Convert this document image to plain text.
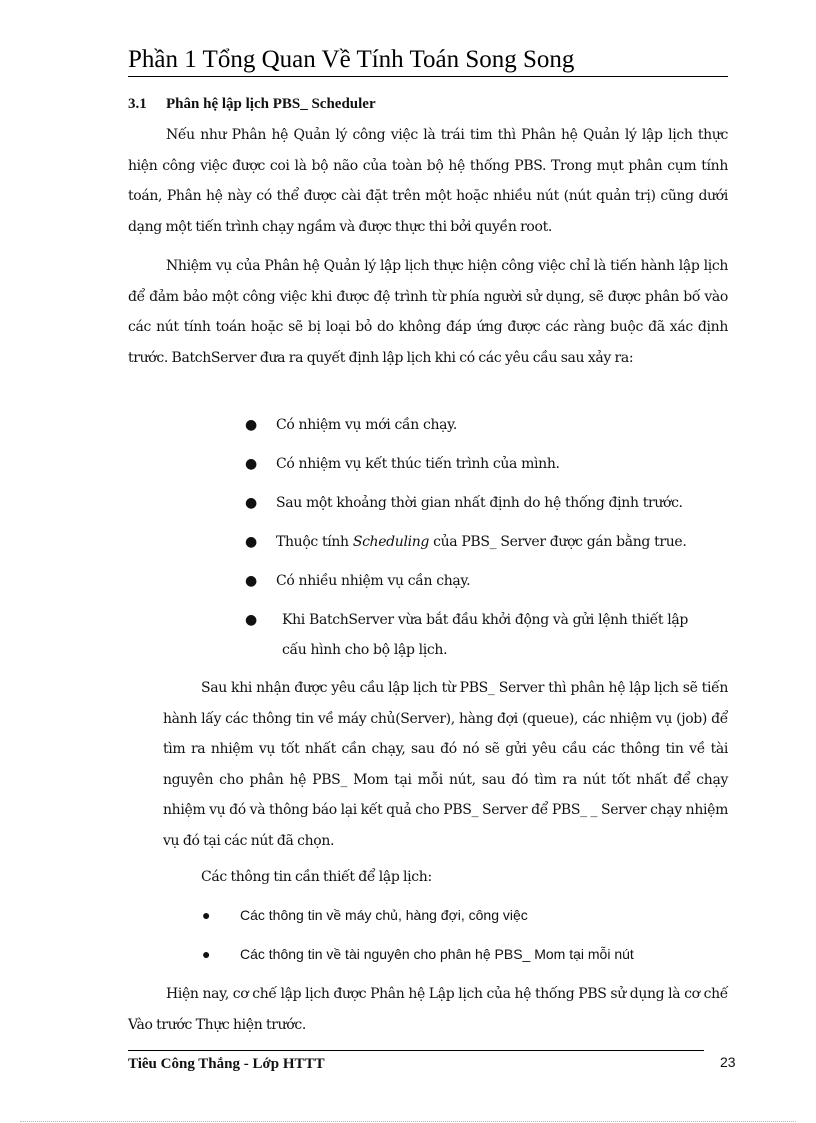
Phần 1 Tổng Quan Về Tính Toán Song Song
3.1 Phân hệ lập lịch PBS_ Scheduler
Nếu như Phân hệ Quản lý công việc là trái tim thì Phân hệ Quản lý lập lịch thực hiện công việc được coi là bộ não của toàn bộ hệ thống PBS. Trong mụt phân cụm tính toán, Phân hệ này có thể được cài đặt trên một hoặc nhiều nút (nút quản trị) cũng dưới dạng một tiến trình chạy ngầm và được thực thi bởi quyền root.
Nhiệm vụ của Phân hệ Quản lý lập lịch thực hiện công việc chỉ là tiến hành lập lịch để đảm bảo một công việc khi được đệ trình từ phía người sử dụng, sẽ được phân bố vào các nút tính toán hoặc sẽ bị loại bỏ do không đáp ứng được các ràng buộc đã xác định trước. BatchServer đưa ra quyết định lập lịch khi có các yêu cầu sau xảy ra:
● Có nhiệm vụ mới cần chạy.
● Có nhiệm vụ kết thúc tiến trình của mình.
● Sau một khoảng thời gian nhất định do hệ thống định trước.
● Thuộc tính Scheduling của PBS_ Server được gán bằng true.
● Có nhiều nhiệm vụ cần chạy.
● Khi BatchServer vừa bắt đầu khởi động và gửi lệnh thiết lập cấu hình cho bộ lập lịch.
Sau khi nhận được yêu cầu lập lịch từ PBS_ Server thì phân hệ lập lịch sẽ tiến hành lấy các thông tin về máy chủ(Server), hàng đợi (queue), các nhiệm vụ (job) để tìm ra nhiệm vụ tốt nhất cần chạy, sau đó nó sẽ gửi yêu cầu các thông tin về tài nguyên cho phân hệ PBS_ Mom tại mỗi nút, sau đó tìm ra nút tốt nhất để chạy nhiệm vụ đó và thông báo lại kết quả cho PBS_ Server để PBS_ _ Server chạy nhiệm vụ đó tại các nút đã chọn.
Các thông tin cần thiết để lập lịch:
● Các thông tin về máy chủ, hàng đợi, công việc
● Các thông tin về tài nguyên cho phân hệ PBS_ Mom tại mỗi nút
Hiện nay, cơ chế lập lịch được Phân hệ Lập lịch của hệ thống PBS sử dụng là cơ chế Vào trước Thực hiện trước.
Tiêu Công Thắng - Lớp HTTT	23
